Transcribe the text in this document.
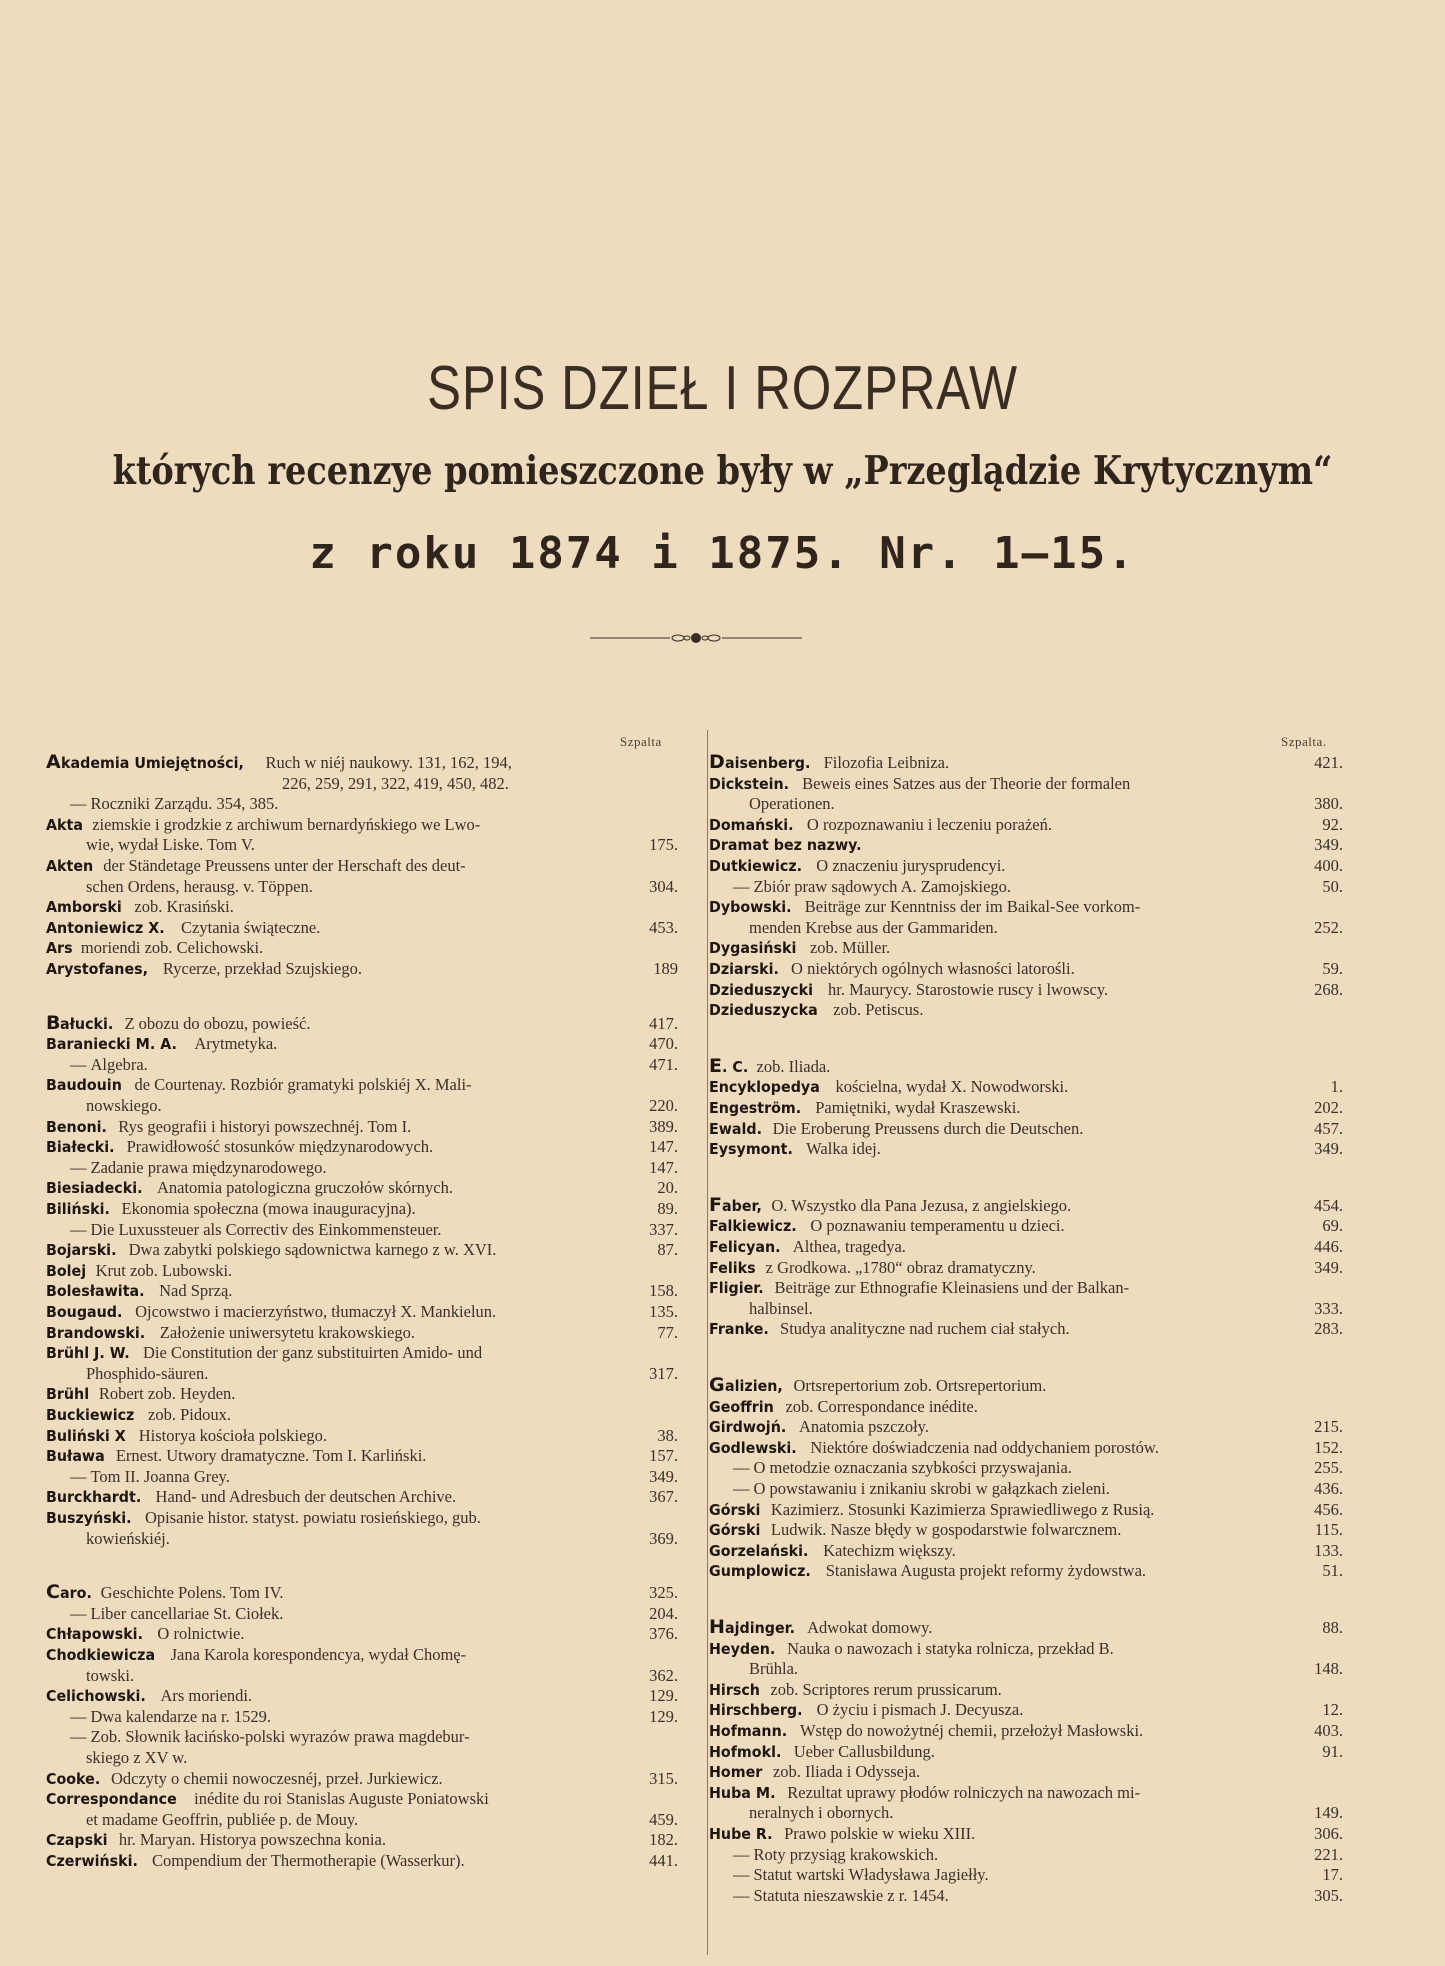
SPIS DZIEŁ I ROZPRAW
których recenzye pomieszczone były w „Przeglądzie Krytycznym“
z roku 1874 i 1875. Nr. 1—15.
Szpalta
Akademia Umiejętności, Ruch w niéj naukowy. 131, 162, 194,
226, 259, 291, 322, 419, 450, 482.
— Roczniki Zarządu. 354, 385.
Akta ziemskie i grodzkie z archiwum bernardyńskiego we Lwo-
wie, wydał Liske. Tom V.	175.
Akten der Ständetage Preussens unter der Herschaft des deut-
schen Ordens, herausg. v. Töppen.	304.
Amborski zob. Krasiński.
Antoniewicz X. Czytania świąteczne.	453.
Ars moriendi zob. Celichowski.
Arystofanes, Rycerze, przekład Szujskiego.	189
Bałucki. Z obozu do obozu, powieść.	417.
Baraniecki M. A. Arytmetyka.	470.
— Algebra.	471.
Baudouin de Courtenay. Rozbiór gramatyki polskiéj X. Mali-
nowskiego.	220.
Benoni. Rys geografii i historyi powszechnéj. Tom I.	389.
Białecki. Prawidłowość stosunków międzynarodowych.	147.
— Zadanie prawa międzynarodowego.	147.
Biesiadecki. Anatomia patologiczna gruczołów skórnych.	20.
Biliński. Ekonomia społeczna (mowa inauguracyjna).	89.
— Die Luxussteuer als Correctiv des Einkommensteuer.	337.
Bojarski. Dwa zabytki polskiego sądownictwa karnego z w. XVI.	87.
Bolej Krut zob. Lubowski.
Bolesławita. Nad Sprzą.	158.
Bougaud. Ojcowstwo i macierzyństwo, tłumaczył X. Mankielun.	135.
Brandowski. Założenie uniwersytetu krakowskiego.	77.
Brühl J. W. Die Constitution der ganz substituirten Amido- und
Phosphido-säuren.	317.
Brühl Robert zob. Heyden.
Buckiewicz zob. Pidoux.
Buliński X Historya kościoła polskiego.	38.
Buława Ernest. Utwory dramatyczne. Tom I. Karliński.	157.
— Tom II. Joanna Grey.	349.
Burckhardt. Hand- und Adresbuch der deutschen Archive.	367.
Buszyński. Opisanie histor. statyst. powiatu rosieńskiego, gub.
kowieńskiéj.	369.
Caro. Geschichte Polens. Tom IV.	325.
— Liber cancellariae St. Ciołek.	204.
Chłapowski. O rolnictwie.	376.
Chodkiewicza Jana Karola korespondencya, wydał Chomę-
towski.	362.
Celichowski. Ars moriendi.	129.
— Dwa kalendarze na r. 1529.	129.
— Zob. Słownik łacińsko-polski wyrazów prawa magdebur-
skiego z XV w.
Cooke. Odczyty o chemii nowoczesnéj, przeł. Jurkiewicz.	315.
Correspondance inédite du roi Stanislas Auguste Poniatowski
et madame Geoffrin, publiée p. de Mouy.	459.
Czapski hr. Maryan. Historya powszechna konia.	182.
Czerwiński. Compendium der Thermotherapie (Wasserkur).	441.
Szpalta.
Daisenberg. Filozofia Leibniza.	421.
Dickstein. Beweis eines Satzes aus der Theorie der formalen
Operationen.	380.
Domański. O rozpoznawaniu i leczeniu porażeń.	92.
Dramat bez nazwy.	349.
Dutkiewicz. O znaczeniu jurysprudencyi.	400.
— Zbiór praw sądowych A. Zamojskiego.	50.
Dybowski. Beiträge zur Kenntniss der im Baikal-See vorkom-
menden Krebse aus der Gammariden.	252.
Dygasiński zob. Müller.
Dziarski. O niektórych ogólnych własności latorośli.	59.
Dzieduszycki hr. Maurycy. Starostowie ruscy i lwowscy.	268.
Dzieduszycka zob. Petiscus.
E. C. zob. Iliada.
Encyklopedya kościelna, wydał X. Nowodworski.	1.
Engeström. Pamiętniki, wydał Kraszewski.	202.
Ewald. Die Eroberung Preussens durch die Deutschen.	457.
Eysymont. Walka idej.	349.
Faber, O. Wszystko dla Pana Jezusa, z angielskiego.	454.
Falkiewicz. O poznawaniu temperamentu u dzieci.	69.
Felicyan. Althea, tragedya.	446.
Feliks z Grodkowa. „1780“ obraz dramatyczny.	349.
Fligier. Beiträge zur Ethnografie Kleinasiens und der Balkan-
halbinsel.	333.
Franke. Studya analityczne nad ruchem ciał stałych.	283.
Galizien, Ortsrepertorium zob. Ortsrepertorium.
Geoffrin zob. Correspondance inédite.
Girdwojń. Anatomia pszczoły.	215.
Godlewski. Niektóre doświadczenia nad oddychaniem porostów.	152.
— O metodzie oznaczania szybkości przyswajania.	255.
— O powstawaniu i znikaniu skrobi w gałązkach zieleni.	436.
Górski Kazimierz. Stosunki Kazimierza Sprawiedliwego z Rusią.	456.
Górski Ludwik. Nasze błędy w gospodarstwie folwarcznem.	115.
Gorzelański. Katechizm większy.	133.
Gumplowicz. Stanisława Augusta projekt reformy żydowstwa.	51.
Hajdinger. Adwokat domowy.	88.
Heyden. Nauka o nawozach i statyka rolnicza, przekład B.
Brühla.	148.
Hirsch zob. Scriptores rerum prussicarum.
Hirschberg. O życiu i pismach J. Decyusza.	12.
Hofmann. Wstęp do nowożytnéj chemii, przełożył Masłowski.	403.
Hofmokl. Ueber Callusbildung.	91.
Homer zob. Iliada i Odysseja.
Huba M. Rezultat uprawy płodów rolniczych na nawozach mi-
neralnych i obornych.	149.
Hube R. Prawo polskie w wieku XIII.	306.
— Roty przysiąg krakowskich.	221.
— Statut wartski Władysława Jagiełły.	17.
— Statuta nieszawskie z r. 1454.	305.
